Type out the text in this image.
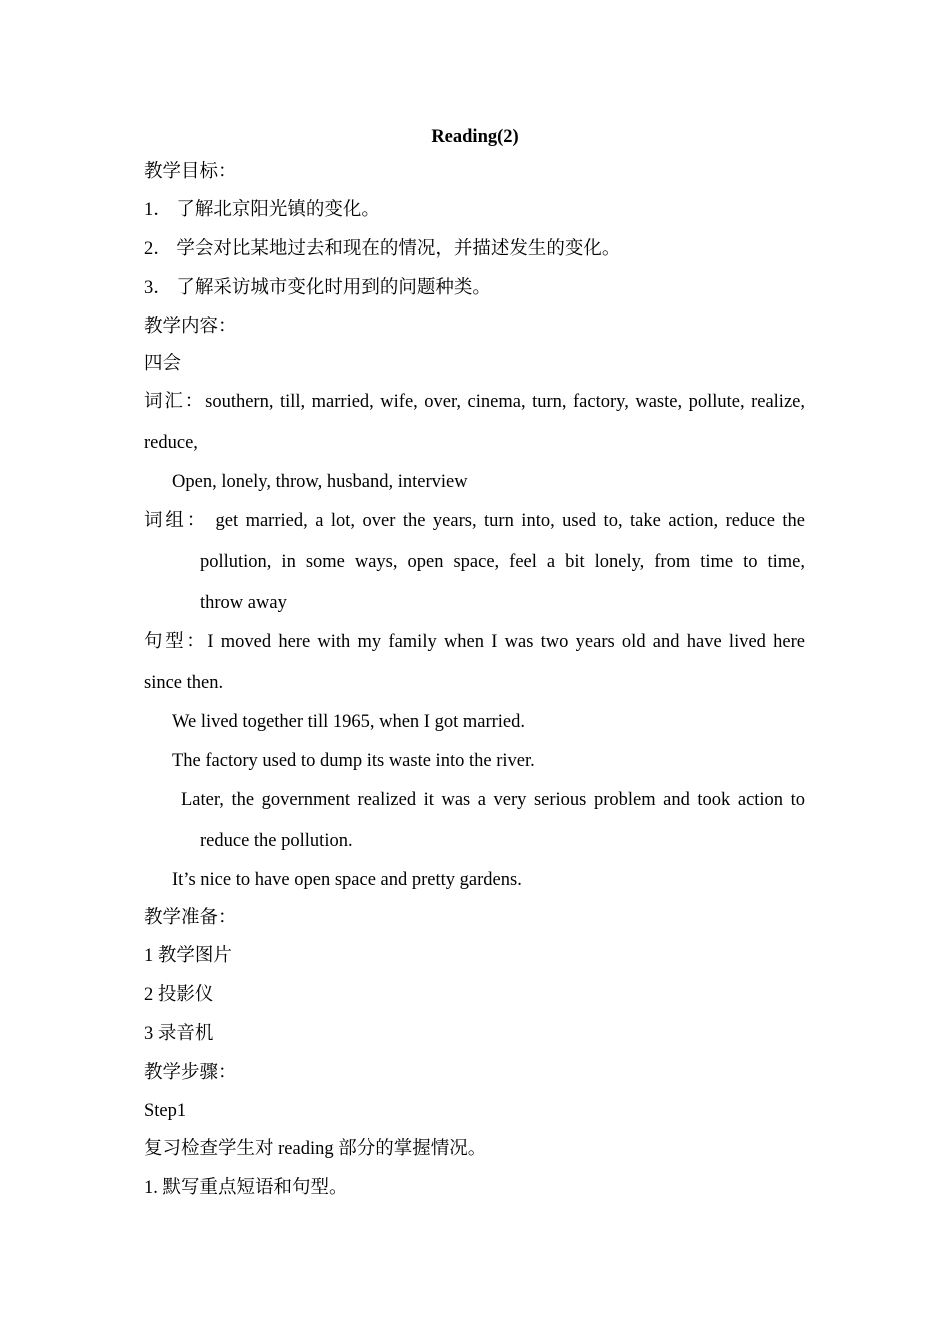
Reading(2)
教学目标：
1． 了解北京阳光镇的变化。
2． 学会对比某地过去和现在的情况，并描述发生的变化。
3． 了解采访城市变化时用到的问题种类。
教学内容：
四会
词汇：southern, till, married, wife, over, cinema, turn, factory, waste, pollute, realize,
reduce,
Open, lonely, throw, husband, interview
词组： get married, a lot, over the years, turn into, used to, take action, reduce the
pollution, in some ways, open space, feel a bit lonely, from time to time,
throw away
句型：I moved here with my family when I was two years old and have lived here
since then.
We lived together till 1965, when I got married.
The factory used to dump its waste into the river.
Later, the government realized it was a very serious problem and took action to
reduce the pollution.
It’s nice to have open space and pretty gardens.
教学准备：
1 教学图片
2 投影仪
3 录音机
教学步骤：
Step1
复习检查学生对 reading 部分的掌握情况。
1. 默写重点短语和句型。
